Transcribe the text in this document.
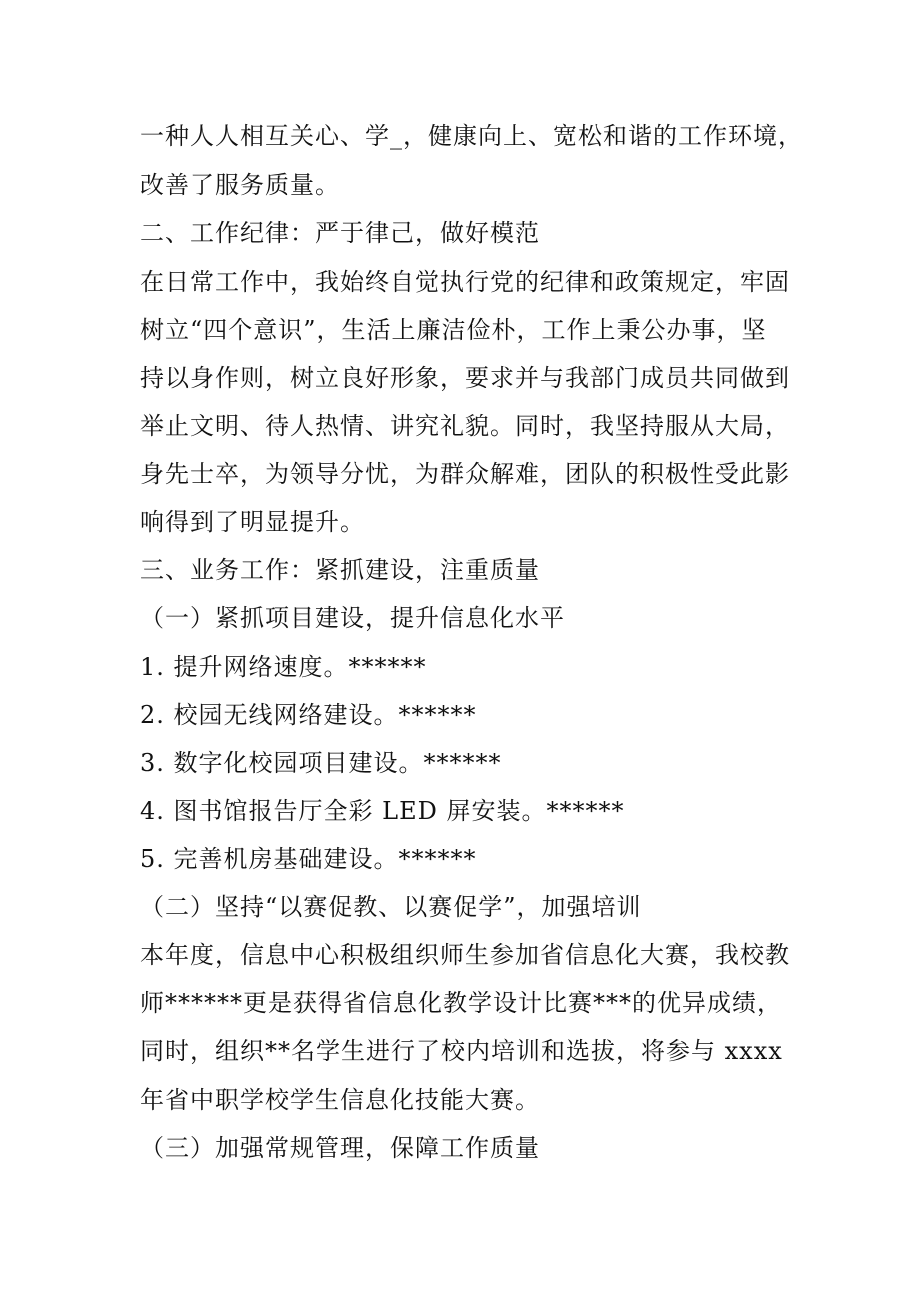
一种人人相互关心、学_，健康向上、宽松和谐的工作环境，
改善了服务质量。
二、工作纪律：严于律己，做好模范
在日常工作中，我始终自觉执行党的纪律和政策规定，牢固
树立“四个意识”，生活上廉洁俭朴，工作上秉公办事，坚
持以身作则，树立良好形象，要求并与我部门成员共同做到
举止文明、待人热情、讲究礼貌。同时，我坚持服从大局，
身先士卒，为领导分忧，为群众解难，团队的积极性受此影
响得到了明显提升。
三、业务工作：紧抓建设，注重质量
（一）紧抓项目建设，提升信息化水平
1. 提升网络速度。******
2. 校园无线网络建设。******
3. 数字化校园项目建设。******
4. 图书馆报告厅全彩 LED 屏安装。******
5. 完善机房基础建设。******
（二）坚持“以赛促教、以赛促学”，加强培训
本年度，信息中心积极组织师生参加省信息化大赛，我校教
师******更是获得省信息化教学设计比赛***的优异成绩，
同时，组织**名学生进行了校内培训和选拔，将参与 xxxx
年省中职学校学生信息化技能大赛。
（三）加强常规管理，保障工作质量
